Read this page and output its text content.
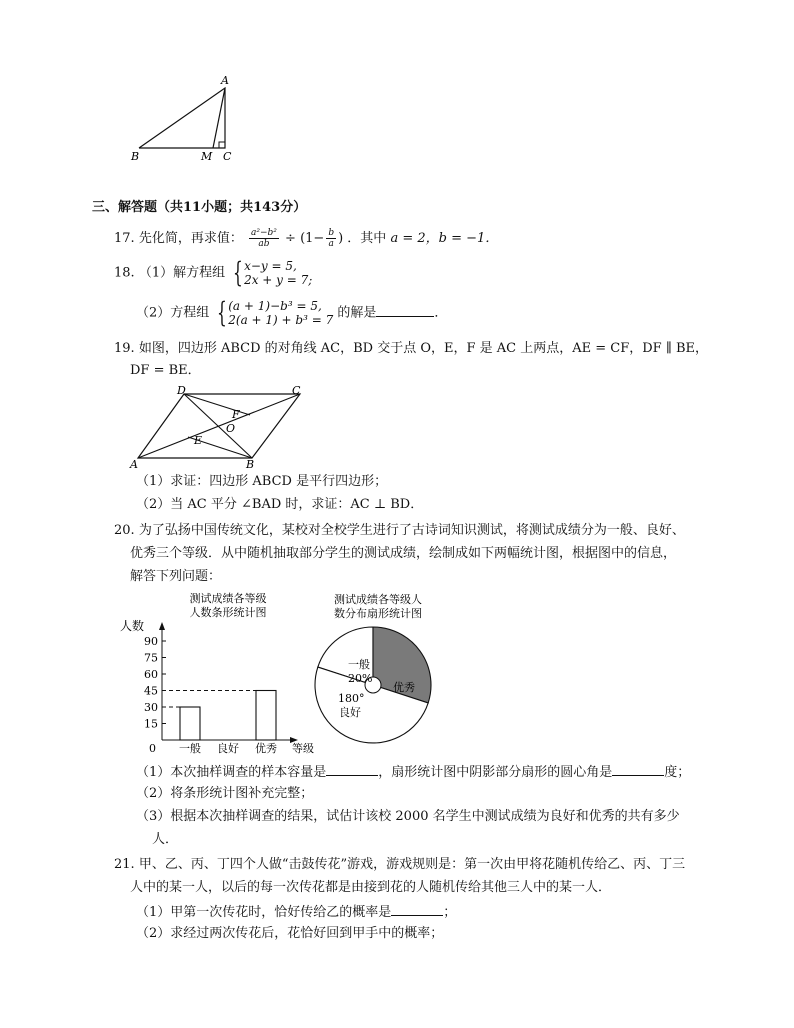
A
B	M C
三、解答题（共11小题；共143分）
17. 先化简，再求值： $\frac{\text{a²−b²}}{ab} \div (1- \frac{b}{a}$ ) ．其中 a = 2，b = −1．
18. （1）解方程组 { x−y = 5,
2x + y = 7;
（2）方程组 { (a + 1)−b³ = 5,
2(a + 1) + b³ = 7 的解是	．
19. 如图，四边形 ABCD 的对角线 AC，BD 交于点 O，E，F 是 AC 上两点，AE = CF，DF ∥ BE，
DF = BE．
D	C
F
O
E
A	B
（1）求证：四边形 ABCD 是平行四边形；
（2）当 AC 平分 ∠BAD 时，求证：AC ⊥ BD．
20. 为了弘扬中国传统文化，某校对全校学生进行了古诗词知识测试，将测试成绩分为一般、良好、
优秀三个等级．从中随机抽取部分学生的测试成绩，绘制成如下两幅统计图，根据图中的信息，
解答下列问题：
测试成绩各等级
人数条形统计图
人数
等级
0
15
30
45
60
75
90
一般 良好 优秀
测试成绩各等级人
数分布扇形统计图
一般
20%
优秀
180°
良好
（1）本次抽样调查的样本容量是	，扇形统计图中阴影部分扇形的圆心角是	度；
（2）将条形统计图补充完整；
（3）根据本次抽样调查的结果，试估计该校 2000 名学生中测试成绩为良好和优秀的共有多少
人．
21. 甲、乙、丙、丁四个人做“击鼓传花”游戏，游戏规则是：第一次由甲将花随机传给乙、丙、丁三
人中的某一人，以后的每一次传花都是由接到花的人随机传给其他三人中的某一人．
（1）甲第一次传花时，恰好传给乙的概率是	；
（2）求经过两次传花后，花恰好回到甲手中的概率；
